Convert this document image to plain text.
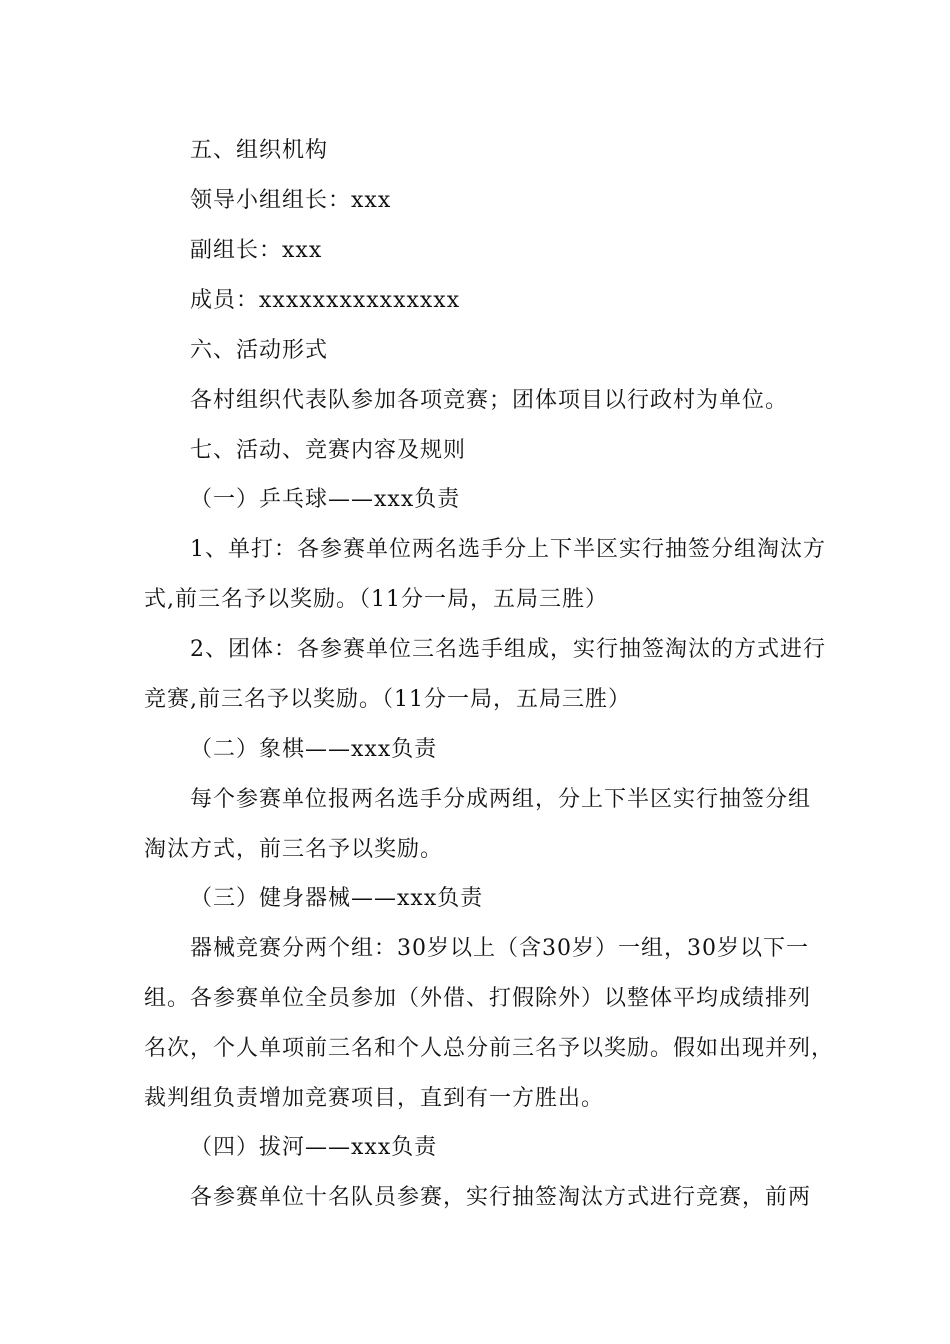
五、组织机构
领导小组组长：xxx
副组长：xxx
成员：xxxxxxxxxxxxxxx
六、活动形式
各村组织代表队参加各项竞赛；团体项目以行政村为单位。
七、活动、竞赛内容及规则
（一）乒乓球——xxx负责
1、单打：各参赛单位两名选手分上下半区实行抽签分组淘汰方
式,前三名予以奖励。（11分一局，五局三胜）
2、团体：各参赛单位三名选手组成，实行抽签淘汰的方式进行
竞赛,前三名予以奖励。（11分一局，五局三胜）
（二）象棋——xxx负责
每个参赛单位报两名选手分成两组，分上下半区实行抽签分组
淘汰方式，前三名予以奖励。
（三）健身器械——xxx负责
器械竞赛分两个组：30岁以上（含30岁）一组，30岁以下一
组。各参赛单位全员参加（外借、打假除外）以整体平均成绩排列
名次，个人单项前三名和个人总分前三名予以奖励。假如出现并列，
裁判组负责增加竞赛项目，直到有一方胜出。
（四）拔河——xxx负责
各参赛单位十名队员参赛，实行抽签淘汰方式进行竞赛，前两
